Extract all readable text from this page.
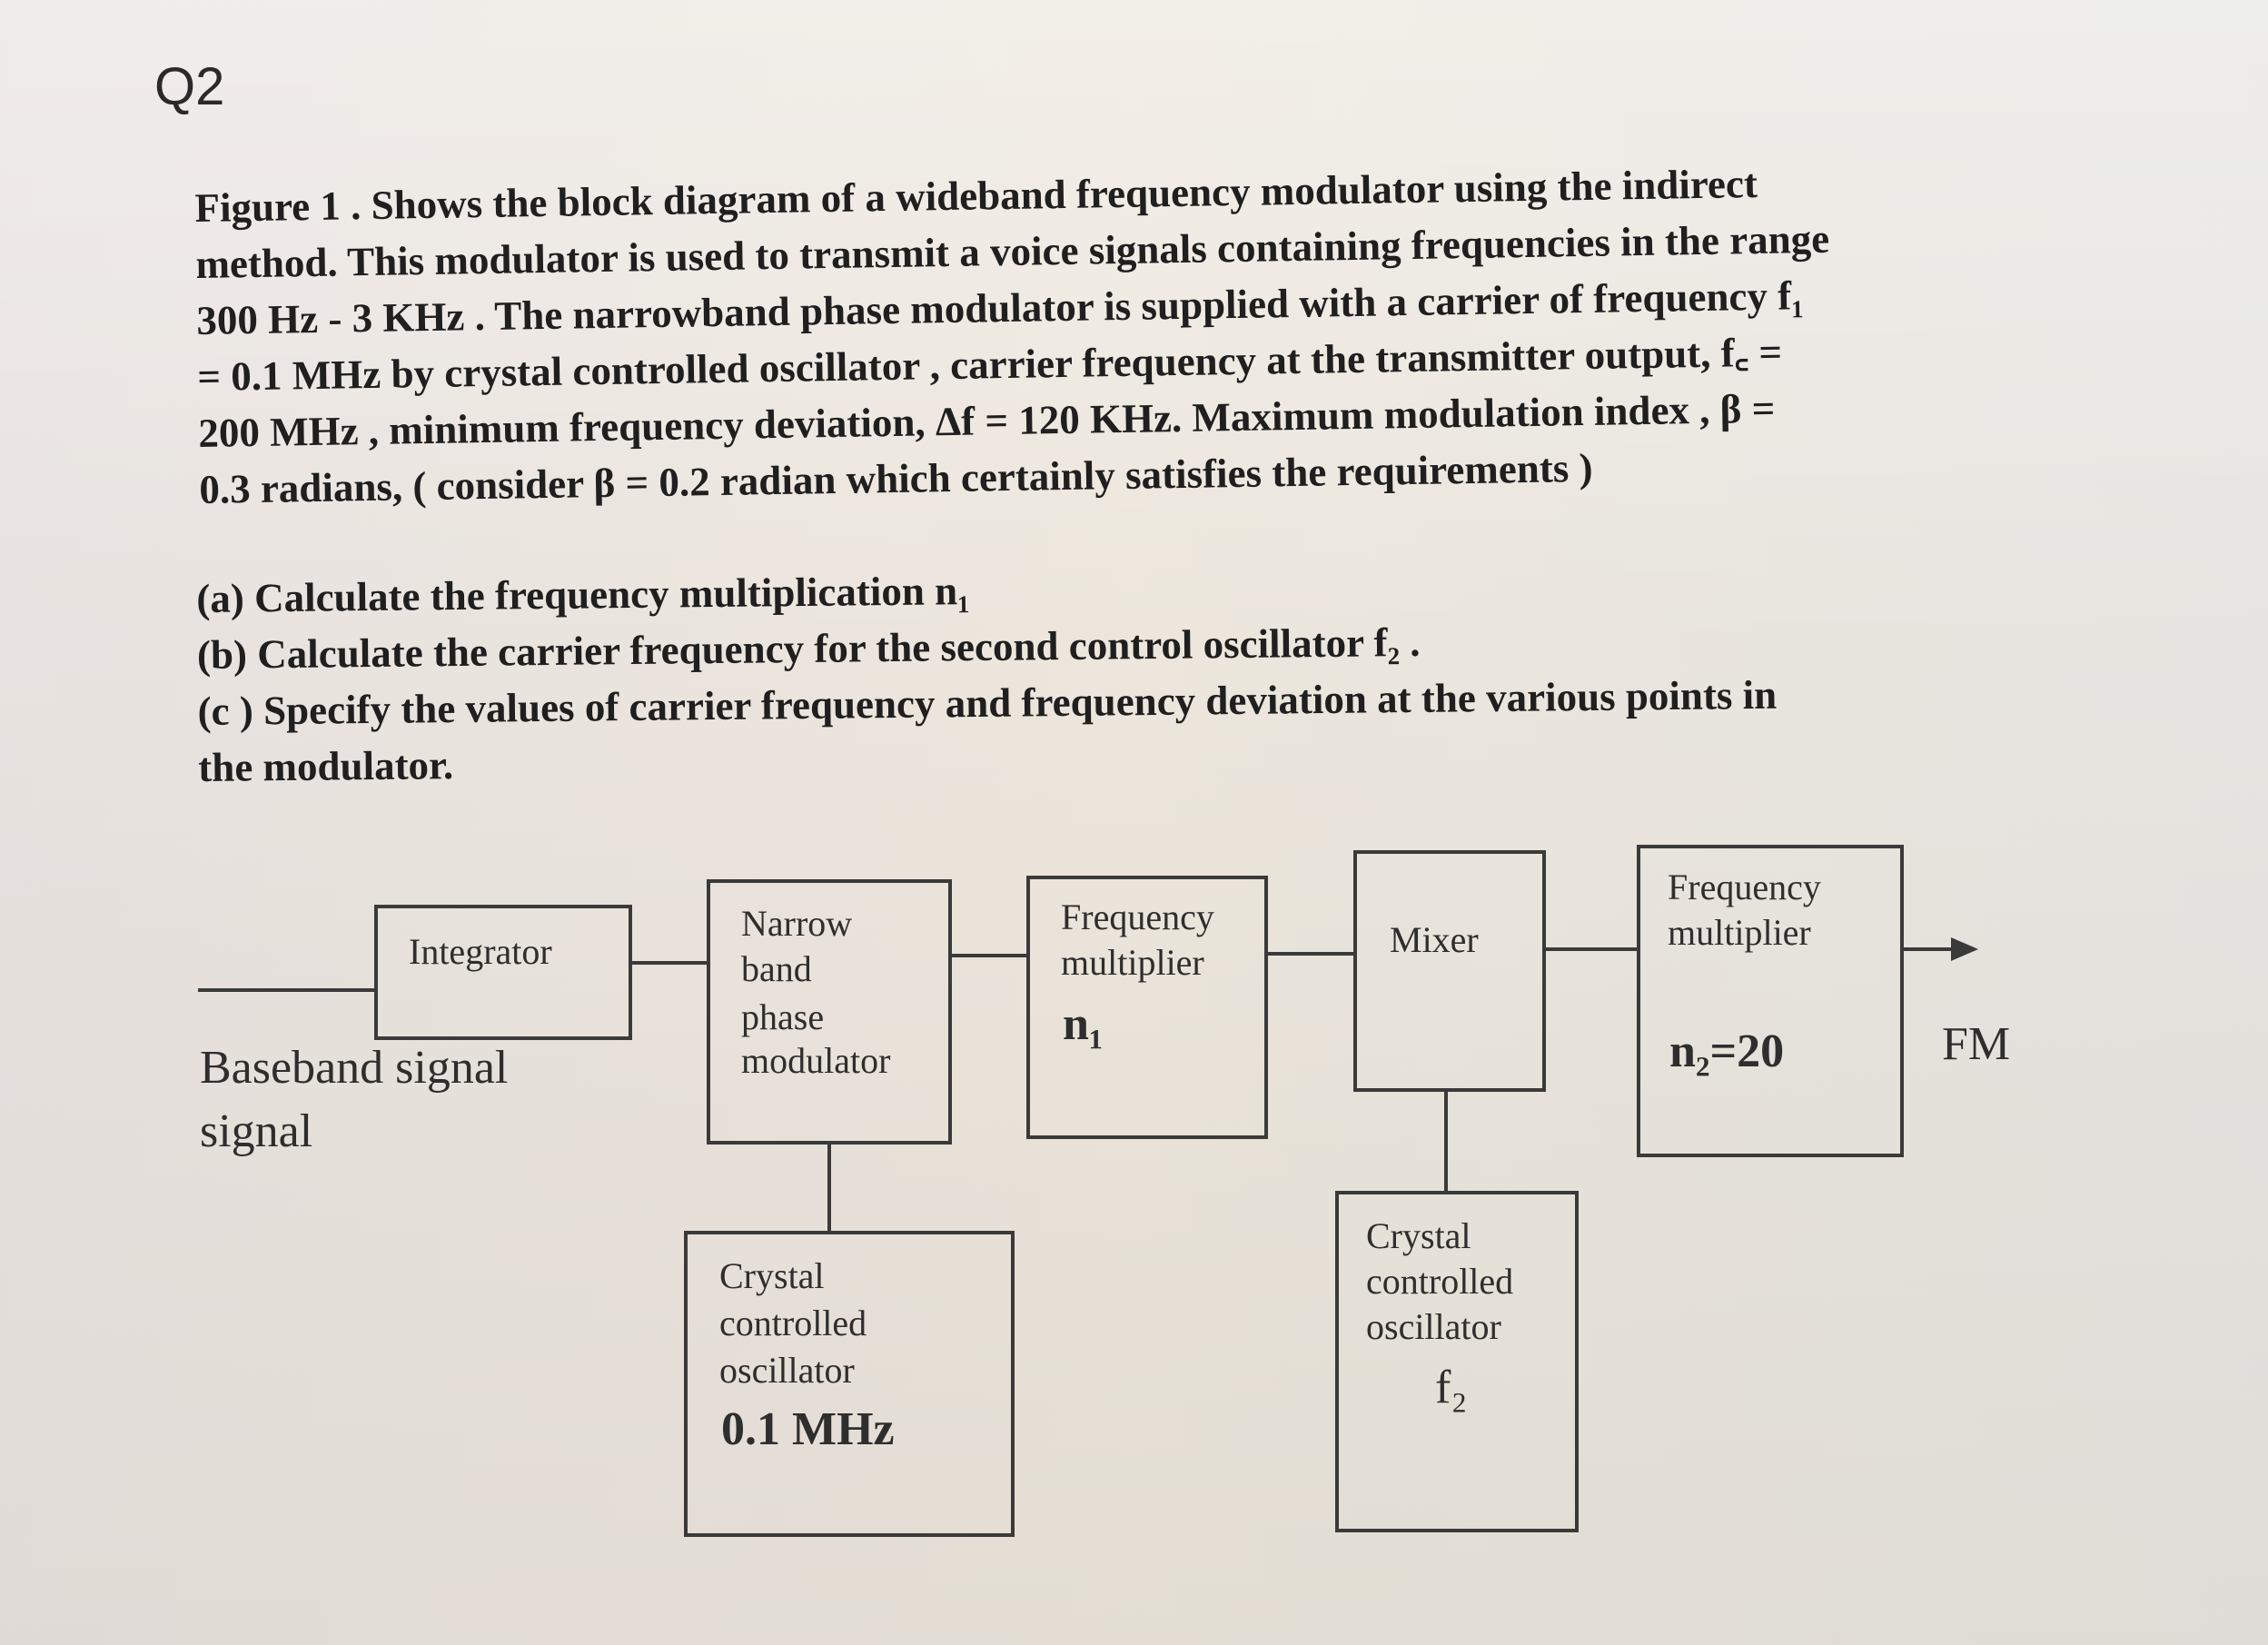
Q2
Figure 1 . Shows the block diagram of a wideband frequency modulator using the indirect
method. This modulator is used to transmit a voice signals containing frequencies in the range
300 Hz - 3 KHz . The narrowband phase modulator is supplied with a carrier of frequency f₁
= 0.1 MHz by crystal controlled oscillator , carrier frequency at the transmitter output, f꜀ =
200 MHz , minimum frequency deviation, Δf = 120 KHz. Maximum modulation index , β =
0.3 radians, ( consider β = 0.2 radian which certainly satisfies the requirements )
(a) Calculate the frequency multiplication n₁
(b) Calculate the carrier frequency for the second control oscillator f₂ .
(c ) Specify the values of carrier frequency and frequency deviation at the various points in
the modulator.
Integrator
Baseband signal
signal
Narrow
band
phase
modulator
Frequency
multiplier
n₁
Mixer
Frequency
multiplier
n₂=20	FM
Crystal
controlled
oscillator
0.1 MHz
Crystal
controlled
oscillator
f₂
